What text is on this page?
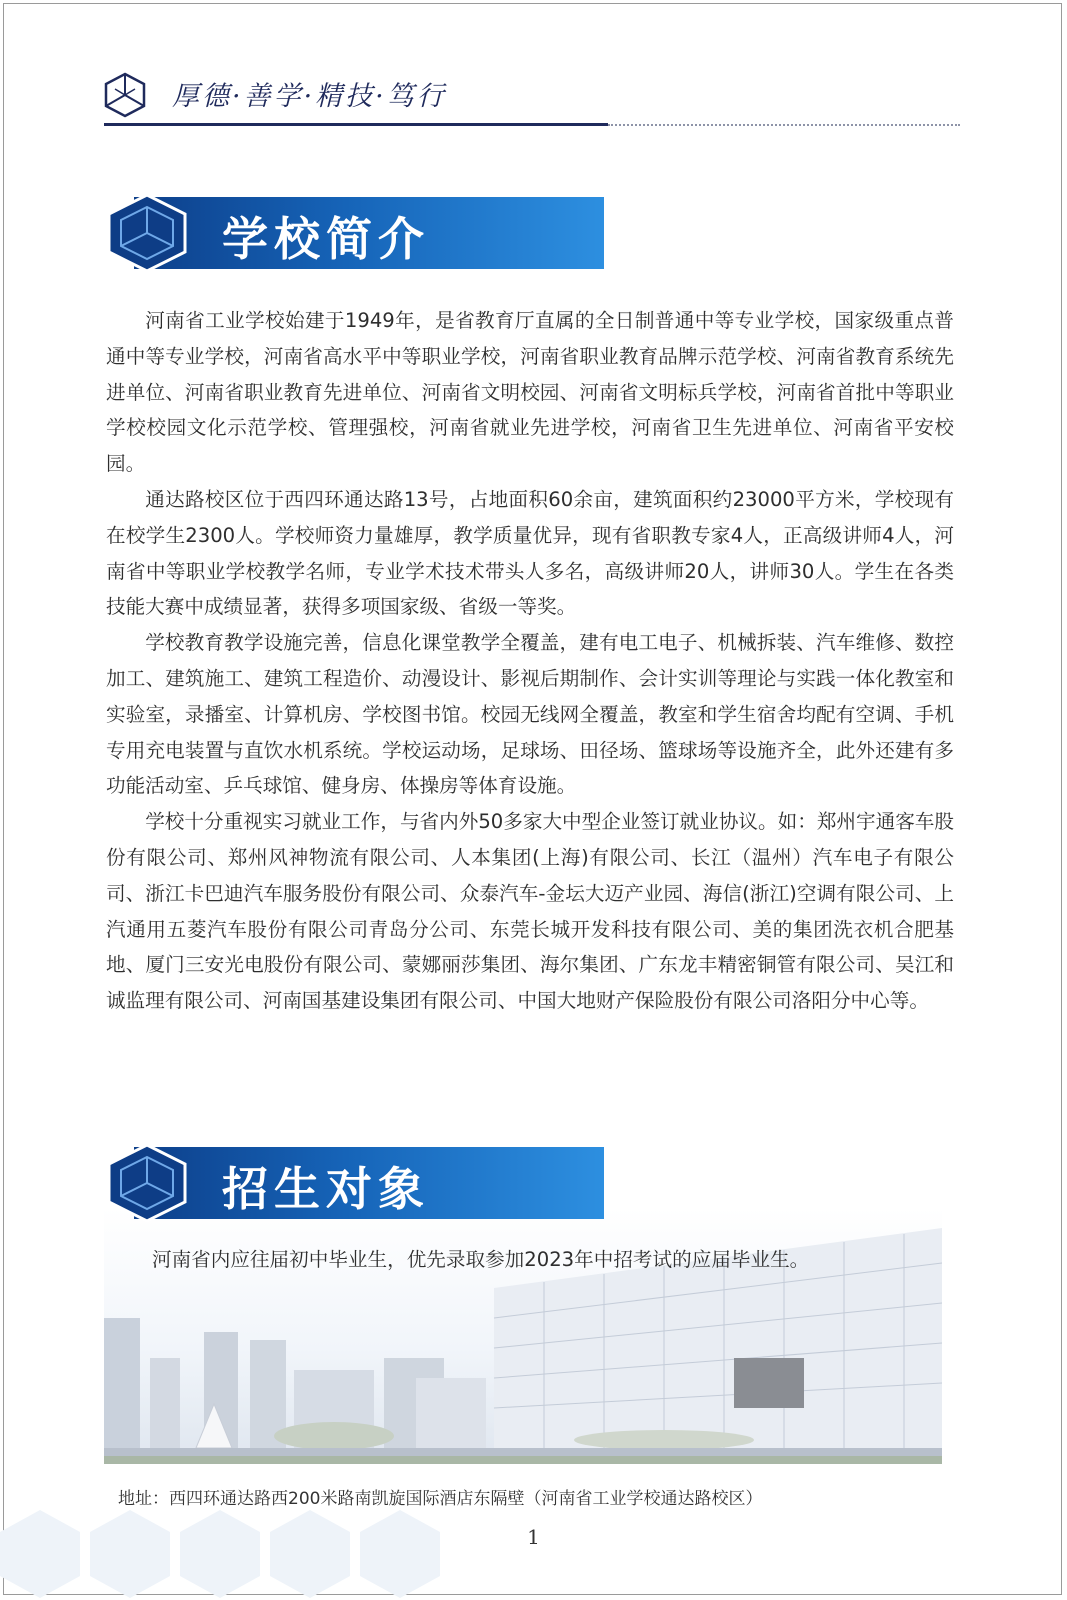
厚德·善学·精技·笃行
学校简介

河南省工业学校始建于1949年，是省教育厅直属的全日制普通中等专业学校，国家级重点普通中等专业学校，河南省高水平中等职业学校，河南省职业教育品牌示范学校、河南省教育系统先进单位、河南省职业教育先进单位、河南省文明校园、河南省文明标兵学校，河南省首批中等职业学校校园文化示范学校、管理强校，河南省就业先进学校，河南省卫生先进单位、河南省平安校园。

通达路校区位于西四环通达路13号，占地面积60余亩，建筑面积约23000平方米，学校现有在校学生2300人。学校师资力量雄厚，教学质量优异，现有省职教专家4人，正高级讲师4人，河南省中等职业学校教学名师，专业学术技术带头人多名，高级讲师20人，讲师30人。学生在各类技能大赛中成绩显著，获得多项国家级、省级一等奖。

学校教育教学设施完善，信息化课堂教学全覆盖，建有电工电子、机械拆装、汽车维修、数控加工、建筑施工、建筑工程造价、动漫设计、影视后期制作、会计实训等理论与实践一体化教室和实验室，录播室、计算机房、学校图书馆。校园无线网全覆盖，教室和学生宿舍均配有空调、手机专用充电装置与直饮水机系统。学校运动场，足球场、田径场、篮球场等设施齐全，此外还建有多功能活动室、乒乓球馆、健身房、体操房等体育设施。

学校十分重视实习就业工作，与省内外50多家大中型企业签订就业协议。如：郑州宇通客车股份有限公司、郑州风神物流有限公司、人本集团(上海)有限公司、长江（温州）汽车电子有限公司、浙江卡巴迪汽车服务股份有限公司、众泰汽车-金坛大迈产业园、海信(浙江)空调有限公司、上汽通用五菱汽车股份有限公司青岛分公司、东莞长城开发科技有限公司、美的集团洗衣机合肥基地、厦门三安光电股份有限公司、蒙娜丽莎集团、海尔集团、广东龙丰精密铜管有限公司、吴江和诚监理有限公司、河南国基建设集团有限公司、中国大地财产保险股份有限公司洛阳分中心等。

招生对象
河南省内应往届初中毕业生，优先录取参加2023年中招考试的应届毕业生。
地址：西四环通达路西200米路南凯旋国际酒店东隔壁（河南省工业学校通达路校区）
1
